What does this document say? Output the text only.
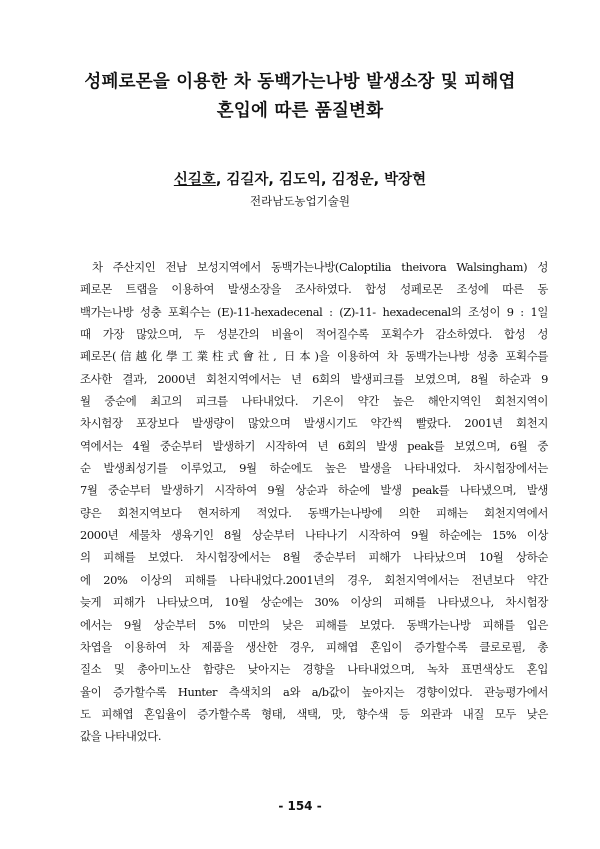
성페로몬을 이용한 차 동백가는나방 발생소장 및 피해엽
혼입에 따른 품질변화
신길호, 김길자, 김도익, 김정운, 박장현
전라남도농업기술원
차 주산지인 전남 보성지역에서 동백가는나방(Caloptilia theivora Walsingham) 성
페로몬 트랩을 이용하여 발생소장을 조사하였다. 합성 성페로몬 조성에 따른 동
백가는나방 성충 포획수는 (E)-11-hexadecenal : (Z)-11- hexadecenal의 조성이 9 : 1일
때 가장 많았으며, 두 성분간의 비율이 적어질수록 포획수가 감소하였다. 합성 성
페로몬(信越化學工業柱式會社, 日本)을 이용하여 차 동백가는나방 성충 포획수를
조사한 결과, 2000년 회천지역에서는 년 6회의 발생피크를 보였으며, 8월 하순과 9
월 중순에 최고의 피크를 나타내었다. 기온이 약간 높은 해안지역인 회천지역이
차시험장 포장보다 발생량이 많았으며 발생시기도 약간씩 빨랐다. 2001년 회천지
역에서는 4월 중순부터 발생하기 시작하여 년 6회의 발생 peak를 보였으며, 6월 중
순 발생최성기를 이루었고, 9월 하순에도 높은 발생을 나타내었다. 차시험장에서는
7월 중순부터 발생하기 시작하여 9월 상순과 하순에 발생 peak를 나타냈으며, 발생
량은 회천지역보다 현저하게 적었다. 동백가는나방에 의한 피해는 회천지역에서
2000년 세물차 생육기인 8월 상순부터 나타나기 시작하여 9월 하순에는 15% 이상
의 피해를 보였다. 차시험장에서는 8월 중순부터 피해가 나타났으며 10월 상하순
에 20% 이상의 피해를 나타내었다.2001년의 경우, 회천지역에서는 전년보다 약간
늦게 피해가 나타났으며, 10월 상순에는 30% 이상의 피해를 나타냈으나, 차시험장
에서는 9월 상순부터 5% 미만의 낮은 피해를 보였다. 동백가는나방 피해를 입은
차엽을 이용하여 차 제품을 생산한 경우, 피해엽 혼입이 증가할수록 클로로필, 총
질소 및 총아미노산 함량은 낮아지는 경향을 나타내었으며, 녹차 표면색상도 혼입
율이 증가할수록 Hunter 측색치의 a와 a/b값이 높아지는 경향이었다. 관능평가에서
도 피해엽 혼입율이 증가할수록 형태, 색택, 맛, 향수색 등 외관과 내질 모두 낮은
값을 나타내었다.
- 154 -
